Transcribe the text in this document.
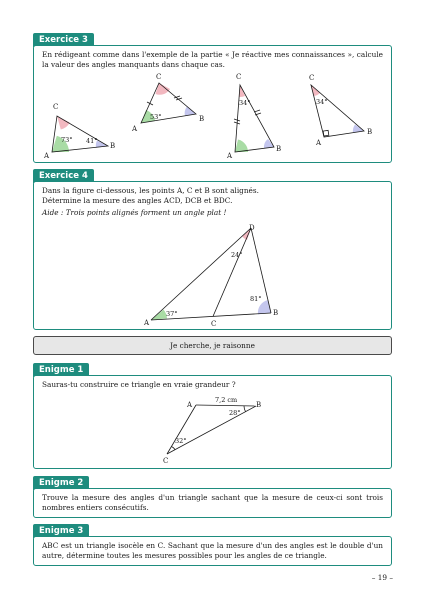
Exercice 3
En rédigeant comme dans l'exemple de la partie « Je réactive mes connaissances », calcule la valeur des angles manquants dans chaque cas.
A
B
C
73° 41°
A
B
C
53°
A
B
C
34°
A
B
C
34°
Exercice 4
Dans la figure ci-dessous, les points A, C et B sont alignés.
Détermine la mesure des angles ACD, DCB et BDC.
Aide : Trois points alignés forment un angle plat !
A
B
C
D
37°
24°
81°
Je cherche, je raisonne
Enigme 1
Sauras-tu construire ce triangle en vraie grandeur ?
A	B
C
7,2 cm
28°
32°
Enigme 2
Trouve la mesure des angles d'un triangle sachant que la mesure de ceux-ci sont trois nombres entiers consécutifs.
Enigme 3
ABC est un triangle isocèle en C. Sachant que la mesure d'un des angles est le double d'un autre, détermine toutes les mesures possibles pour les angles de ce triangle.
– 19 –
